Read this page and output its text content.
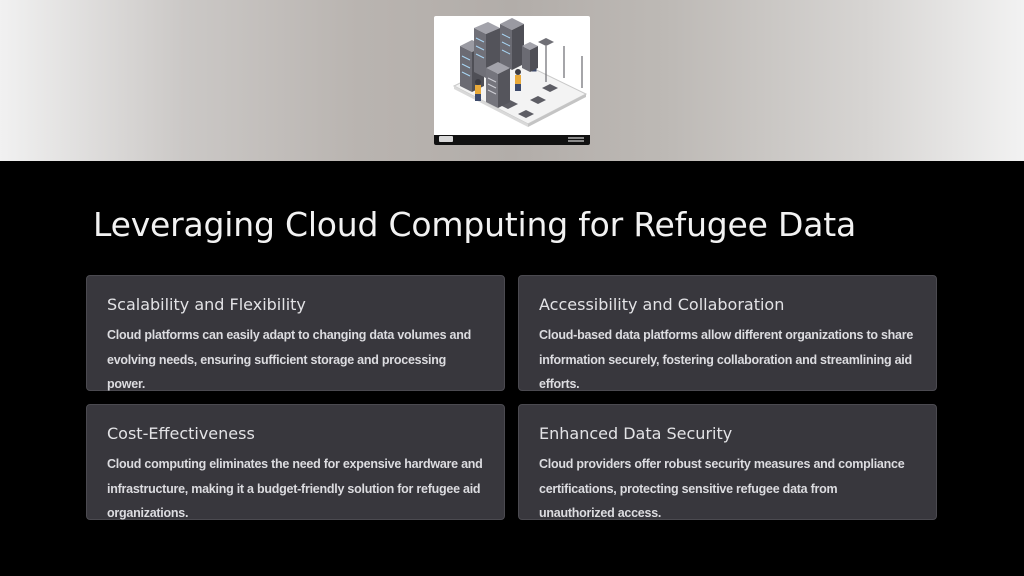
Leveraging Cloud Computing for Refugee Data
Scalability and Flexibility

Cloud platforms can easily adapt to changing data volumes and evolving needs, ensuring sufficient storage and processing power.

Accessibility and Collaboration

Cloud-based data platforms allow different organizations to share information securely, fostering collaboration and streamlining aid efforts.

Cost-Effectiveness

Cloud computing eliminates the need for expensive hardware and infrastructure, making it a budget-friendly solution for refugee aid organizations.

Enhanced Data Security

Cloud providers offer robust security measures and compliance certifications, protecting sensitive refugee data from unauthorized access.
